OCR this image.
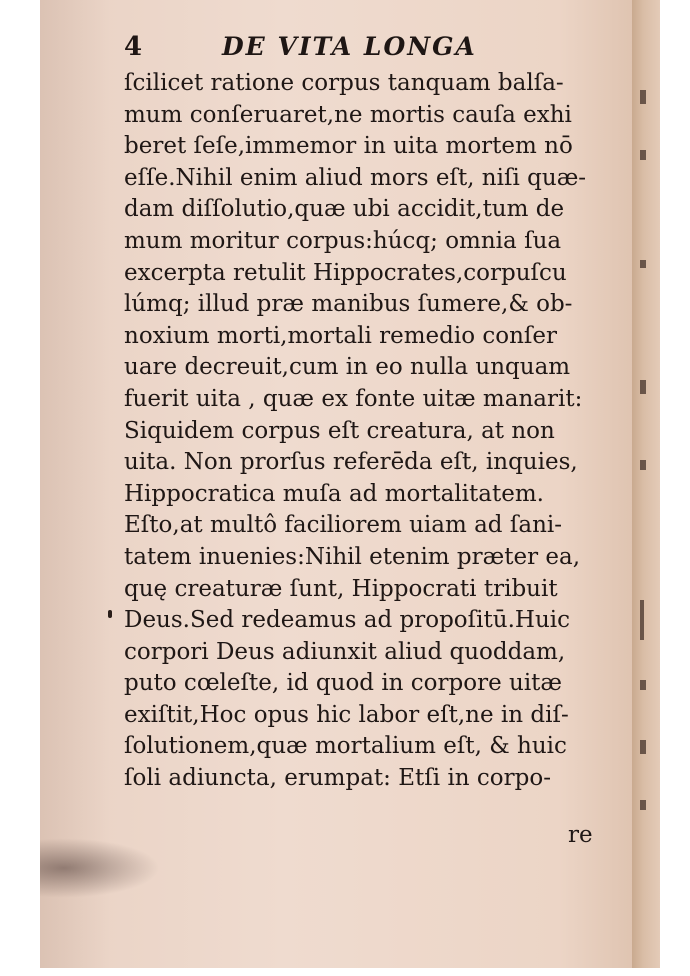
4	DE VITA LONGA
ſcilicet ratione corpus tanquam balſa-
mum conſeruaret,ne mortis cauſa exhi
beret ſeſe,immemor in uita mortem nō
eſſe.Nihil enim aliud mors eſt, niſi quæ-
dam diſſolutio,quæ ubi accidit,tum de
mum moritur corpus:húcq; omnia ſua
excerpta retulit Hippocrates,corpuſcu
lúmq; illud præ manibus ſumere,& ob-
noxium morti,mortali remedio conſer
uare decreuit,cum in eo nulla unquam
fuerit uita , quæ ex fonte uitæ manarit:
Siquidem corpus eſt creatura, at non
uita. Non prorſus referēda eſt, inquies,
Hippocratica muſa ad mortalitatem.
Eſto,at multô faciliorem uiam ad ſani-
tatem inuenies:Nihil etenim præter ea,
quę creaturæ ſunt, Hippocrati tribuit
Deus.Sed redeamus ad propoſitū.Huic
corpori Deus adiunxit aliud quoddam,
puto cœleſte, id quod in corpore uitæ
exiſtit,Hoc opus hic labor eſt,ne in diſ-
ſolutionem,quæ mortalium eſt, & huic
ſoli adiuncta, erumpat: Etſi in corpo-
re
